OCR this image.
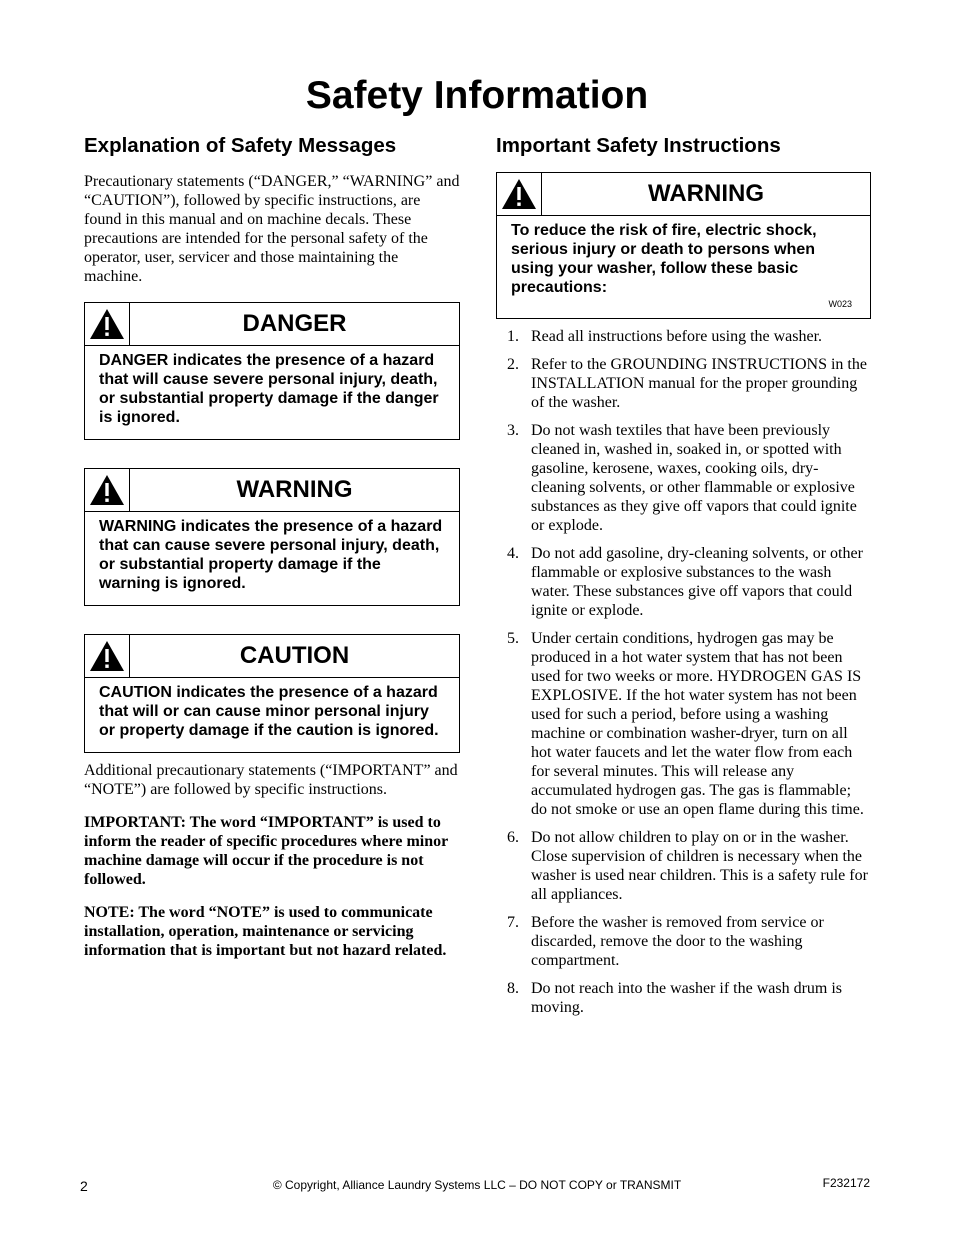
Safety Information
Explanation of Safety Messages

Precautionary statements (“DANGER,” “WARNING” and “CAUTION”), followed by specific instructions, are found in this manual and on machine decals. These precautions are intended for the personal safety of the operator, user, servicer and those maintaining the machine.

DANGER
DANGER indicates the presence of a hazard that will cause severe personal injury, death, or substantial property damage if the danger is ignored.
WARNING
WARNING indicates the presence of a hazard that can cause severe personal injury, death, or substantial property damage if the warning is ignored.
CAUTION
CAUTION indicates the presence of a hazard that will or can cause minor personal injury or property damage if the caution is ignored.

Additional precautionary statements (“IMPORTANT” and “NOTE”) are followed by specific instructions.

IMPORTANT: The word “IMPORTANT” is used to inform the reader of specific procedures where minor machine damage will occur if the procedure is not followed.

NOTE: The word “NOTE” is used to communicate installation, operation, maintenance or servicing information that is important but not hazard related.

Important Safety Instructions
WARNING
To reduce the risk of fire, electric shock, serious injury or death to persons when using your washer, follow these basic precautions:
W023
1. Read all instructions before using the washer.
2. Refer to the GROUNDING INSTRUCTIONS in the INSTALLATION manual for the proper grounding of the washer.
3. Do not wash textiles that have been previously cleaned in, washed in, soaked in, or spotted with gasoline, kerosene, waxes, cooking oils, dry-cleaning solvents, or other flammable or explosive substances as they give off vapors that could ignite or explode.
4. Do not add gasoline, dry-cleaning solvents, or other flammable or explosive substances to the wash water. These substances give off vapors that could ignite or explode.
5. Under certain conditions, hydrogen gas may be produced in a hot water system that has not been used for two weeks or more. HYDROGEN GAS IS EXPLOSIVE. If the hot water system has not been used for such a period, before using a washing machine or combination washer-dryer, turn on all hot water faucets and let the water flow from each for several minutes. This will release any accumulated hydrogen gas. The gas is flammable; do not smoke or use an open flame during this time.
6. Do not allow children to play on or in the washer. Close supervision of children is necessary when the washer is used near children. This is a safety rule for all appliances.
7. Before the washer is removed from service or discarded, remove the door to the washing compartment.
8. Do not reach into the washer if the wash drum is moving.
2	© Copyright, Alliance Laundry Systems LLC – DO NOT COPY or TRANSMIT	F232172
